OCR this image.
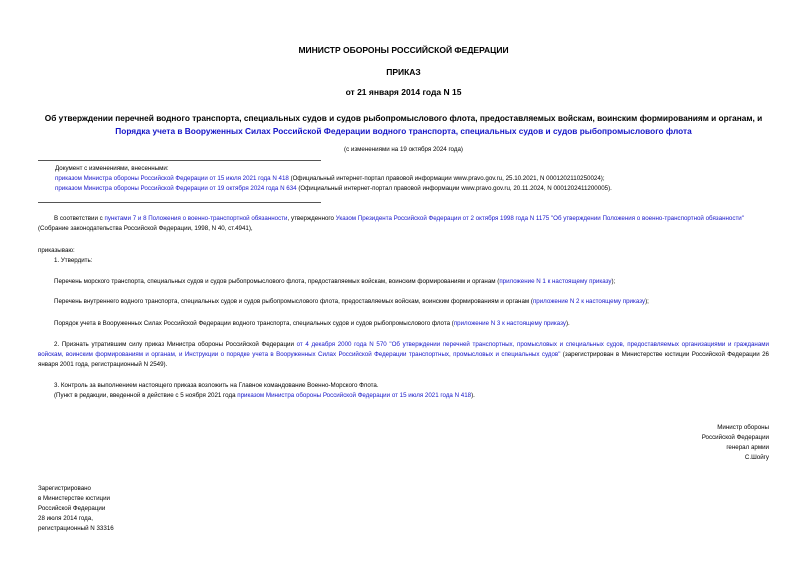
МИНИСТР ОБОРОНЫ РОССИЙСКОЙ ФЕДЕРАЦИИ
ПРИКАЗ
от 21 января 2014 года N 15
Об утверждении перечней водного транспорта, специальных судов и судов рыбопромыслового флота, предоставляемых войскам, воинским формированиям и органам, и Порядка учета в Вооруженных Силах Российской Федерации водного транспорта, специальных судов и судов рыбопромыслового флота
(с изменениями на 19 октября 2024 года)
Документ с изменениями, внесенными:
приказом Министра обороны Российской Федерации от 15 июля 2021 года N 418 (Официальный интернет-портал правовой информации www.pravo.gov.ru, 25.10.2021, N 0001202110250024);
приказом Министра обороны Российской Федерации от 19 октября 2024 года N 634 (Официальный интернет-портал правовой информации www.pravo.gov.ru, 20.11.2024, N 0001202411200005).
В соответствии с пунктами 7 и 8 Положения о военно-транспортной обязанности, утвержденного Указом Президента Российской Федерации от 2 октября 1998 года N 1175 "Об утверждении Положения о военно-транспортной обязанности" (Собрание законодательства Российской Федерации, 1998, N 40, ст.4941),
приказываю:
1. Утвердить:
Перечень морского транспорта, специальных судов и судов рыбопромыслового флота, предоставляемых войскам, воинским формированиям и органам (приложение N 1 к настоящему приказу);
Перечень внутреннего водного транспорта, специальных судов и судов рыбопромыслового флота, предоставляемых войскам, воинским формированиям и органам (приложение N 2 к настоящему приказу);
Порядок учета в Вооруженных Силах Российской Федерации водного транспорта, специальных судов и судов рыбопромыслового флота (приложение N 3 к настоящему приказу).
2. Признать утратившим силу приказ Министра обороны Российской Федерации от 4 декабря 2000 года N 570 "Об утверждении перечней транспортных, промысловых и специальных судов, предоставляемых организациями и гражданами войскам, воинским формированиям и органам, и Инструкции о порядке учета в Вооруженных Силах Российской Федерации транспортных, промысловых и специальных судов" (зарегистрирован в Министерстве юстиции Российской Федерации 26 января 2001 года, регистрационный N 2549).
3. Контроль за выполнением настоящего приказа возложить на Главное командование Военно-Морского Флота.
(Пункт в редакции, введенной в действие с 5 ноября 2021 года приказом Министра обороны Российской Федерации от 15 июля 2021 года N 418).
Министр обороны
Российской Федерации
генерал армии
С.Шойгу
Зарегистрировано
в Министерстве юстиции
Российской Федерации
28 июля 2014 года,
регистрационный N 33316
